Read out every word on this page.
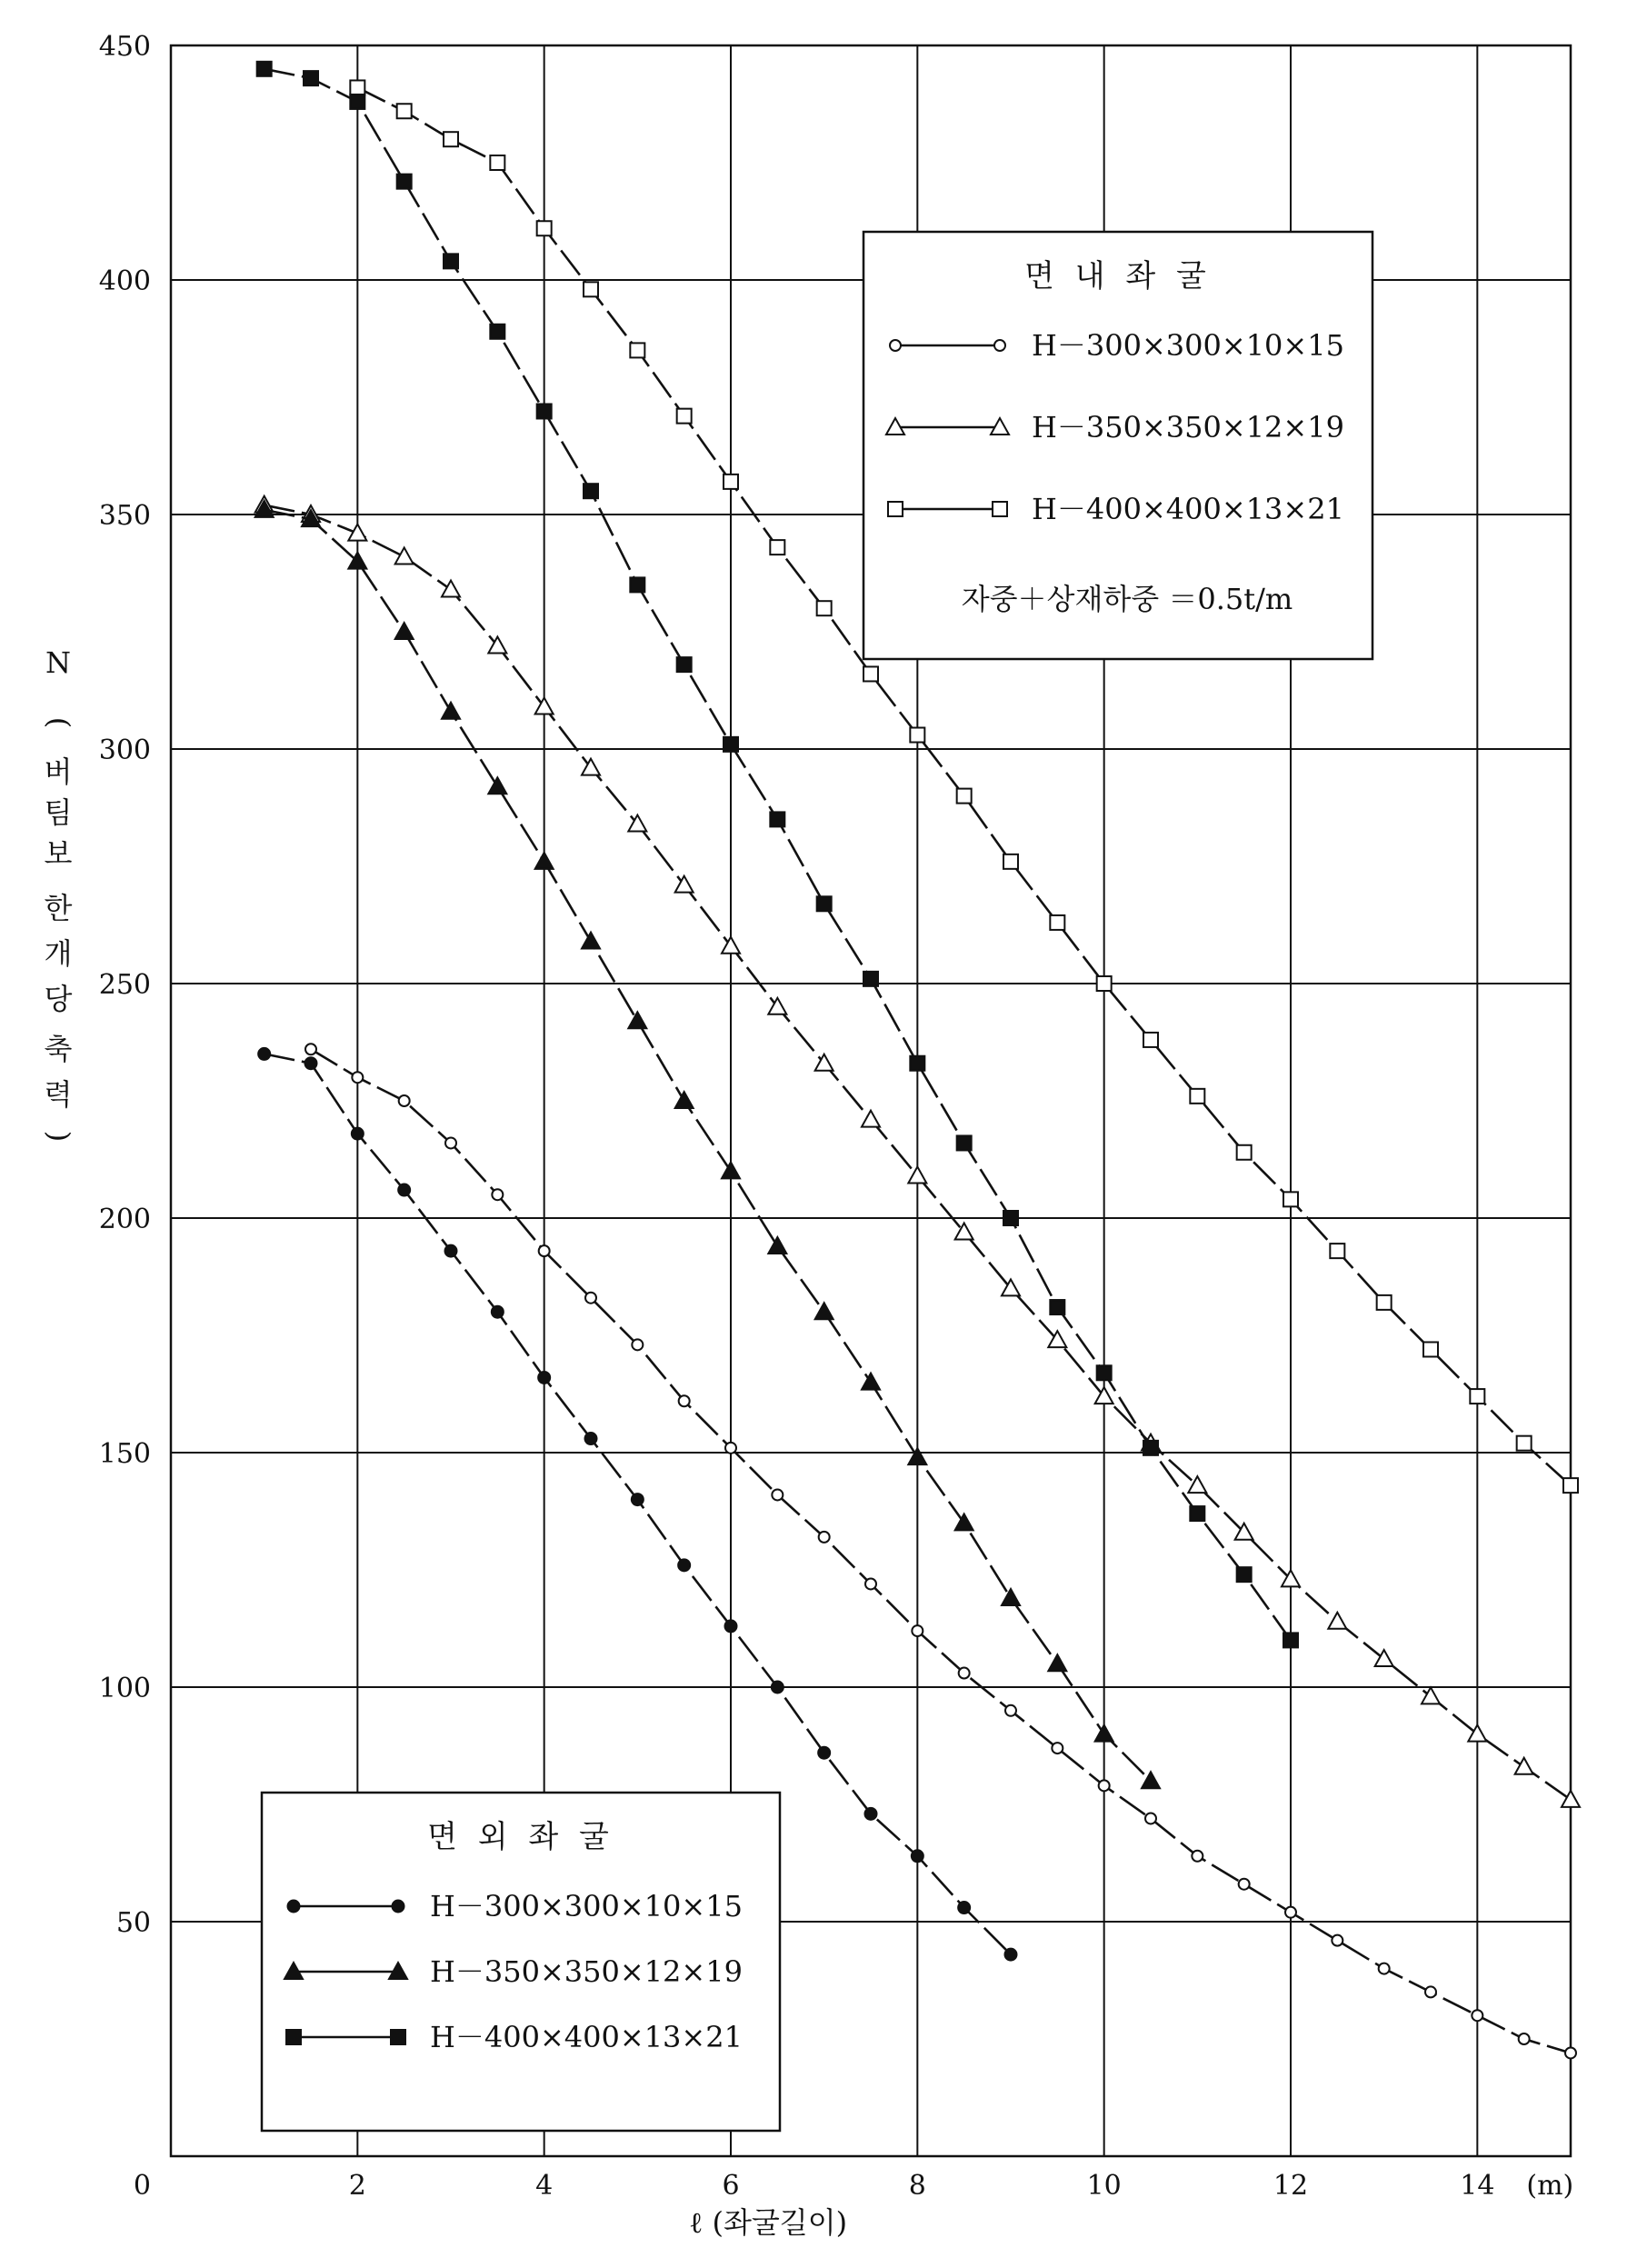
2	4	6	8	10	12	14
0
50
100
150
200
250
300
350
400
450
(m)
ℓ (좌굴길이)
N
(
버
팀
보
한
개
당
축
력
)
면 내 좌 굴
H－300×300×10×15
H－350×350×12×19
H－400×400×13×21
자중＋상재하중 ＝0.5t/m
면 외 좌 굴
H－300×300×10×15
H－350×350×12×19
H－400×400×13×21
